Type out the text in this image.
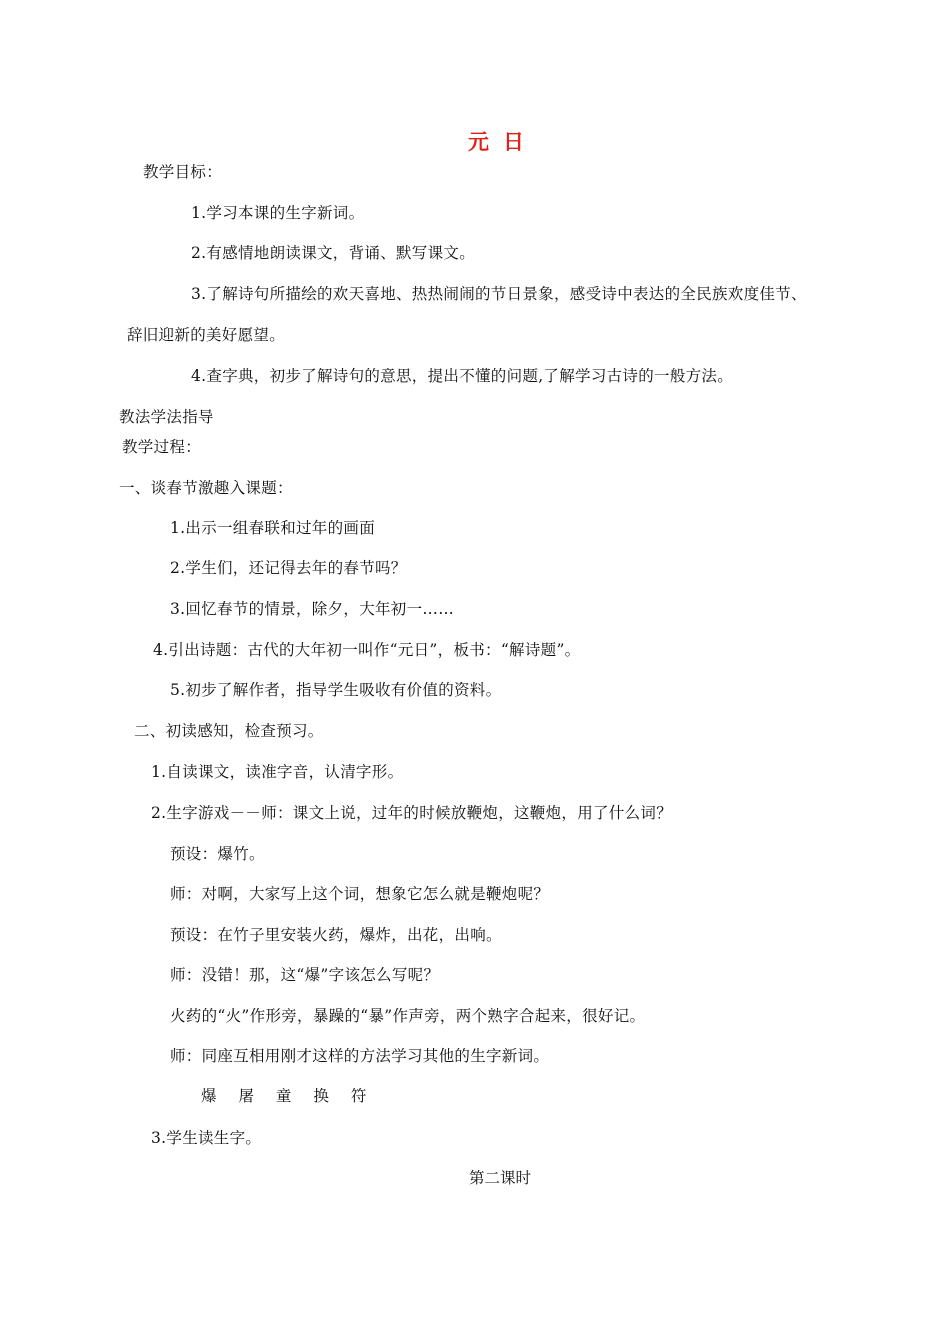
元日
教学目标：
1.学习本课的生字新词。
2.有感情地朗读课文，背诵、默写课文。
3.了解诗句所描绘的欢天喜地、热热闹闹的节日景象，感受诗中表达的全民族欢度佳节、
辞旧迎新的美好愿望。
4.查字典，初步了解诗句的意思，提出不懂的问题,了解学习古诗的一般方法。
教法学法指导
教学过程：
一、谈春节激趣入课题：
1.出示一组春联和过年的画面
2.学生们，还记得去年的春节吗？
3.回忆春节的情景，除夕，大年初一……
4.引出诗题：古代的大年初一叫作“元日”，板书：“解诗题”。
5.初步了解作者，指导学生吸收有价值的资料。
二、初读感知，检查预习。
1.自读课文，读准字音，认清字形。
2.生字游戏－－师：课文上说，过年的时候放鞭炮，这鞭炮，用了什么词？
预设：爆竹。
师：对啊，大家写上这个词，想象它怎么就是鞭炮呢？
预设：在竹子里安装火药，爆炸，出花，出响。
师：没错！那，这“爆”字该怎么写呢？
火药的“火”作形旁，暴躁的“暴”作声旁，两个熟字合起来，很好记。
师：同座互相用刚才这样的方法学习其他的生字新词。
爆 屠 童 换 符
3.学生读生字。
第二课时
